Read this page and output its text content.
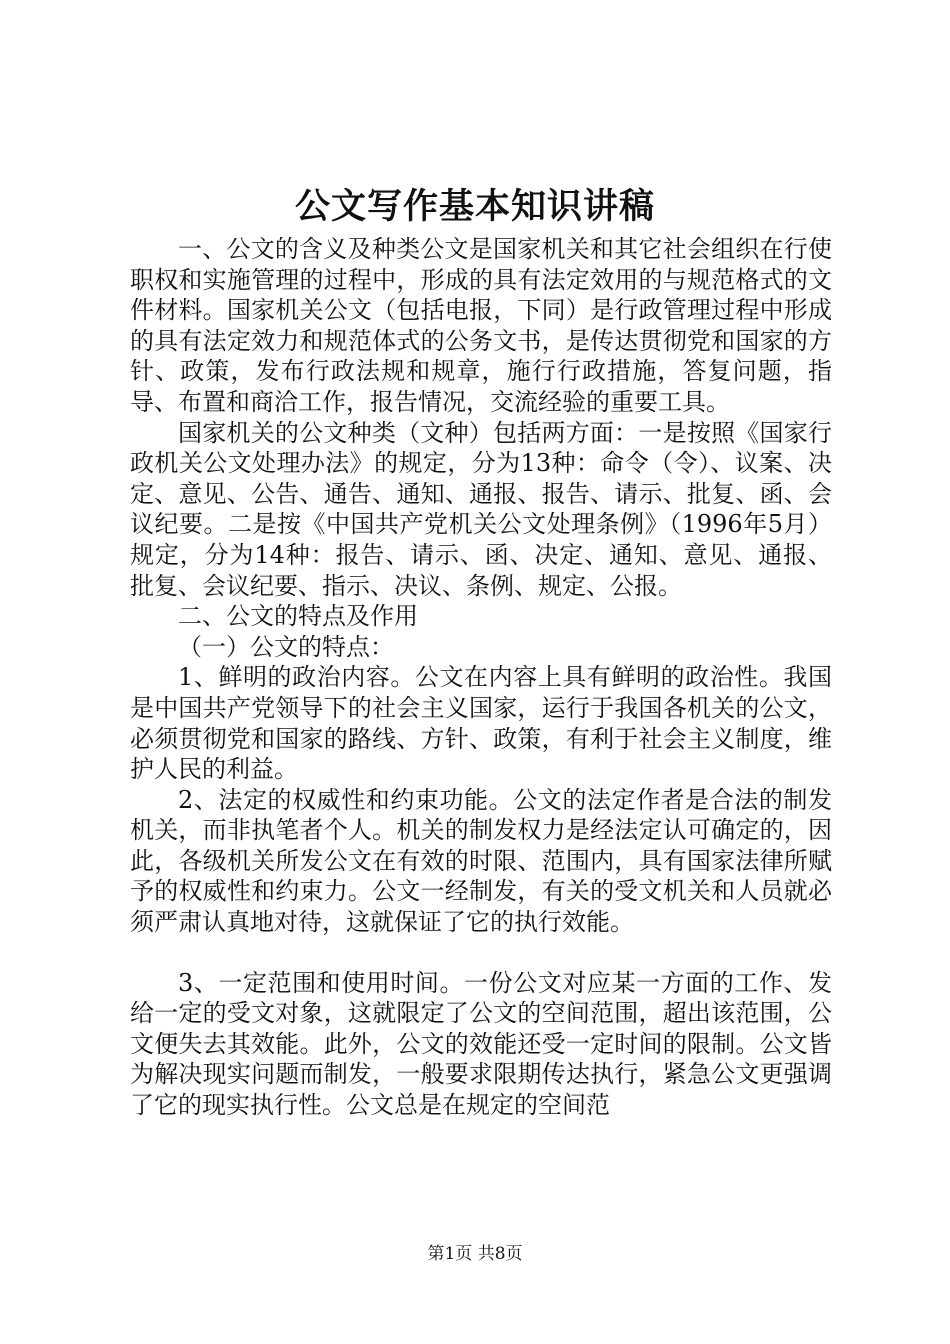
公文写作基本知识讲稿

一、公文的含义及种类公文是国家机关和其它社会组织在行使职权和实施管理的过程中，形成的具有法定效用的与规范格式的文件材料。国家机关公文（包括电报，下同）是行政管理过程中形成的具有法定效力和规范体式的公务文书，是传达贯彻党和国家的方针、政策，发布行政法规和规章，施行行政措施，答复问题，指导、布置和商洽工作，报告情况，交流经验的重要工具。

国家机关的公文种类（文种）包括两方面：一是按照《国家行政机关公文处理办法》的规定，分为13种：命令（令）、议案、决定、意见、公告、通告、通知、通报、报告、请示、批复、函、会议纪要。二是按《中国共产党机关公文处理条例》（1996年5月）规定，分为14种：报告、请示、函、决定、通知、意见、通报、批复、会议纪要、指示、决议、条例、规定、公报。

二、公文的特点及作用

（一）公文的特点：

1、鲜明的政治内容。公文在内容上具有鲜明的政治性。我国是中国共产党领导下的社会主义国家，运行于我国各机关的公文，必须贯彻党和国家的路线、方针、政策，有利于社会主义制度，维护人民的利益。

2、法定的权威性和约束功能。公文的法定作者是合法的制发机关，而非执笔者个人。机关的制发权力是经法定认可确定的，因此，各级机关所发公文在有效的时限、范围内，具有国家法律所赋予的权威性和约束力。公文一经制发，有关的受文机关和人员就必须严肃认真地对待，这就保证了它的执行效能。

3、一定范围和使用时间。一份公文对应某一方面的工作、发给一定的受文对象，这就限定了公文的空间范围，超出该范围，公文便失去其效能。此外，公文的效能还受一定时间的限制。公文皆为解决现实问题而制发，一般要求限期传达执行，紧急公文更强调了它的现实执行性。公文总是在规定的空间范

第1页 共8页
